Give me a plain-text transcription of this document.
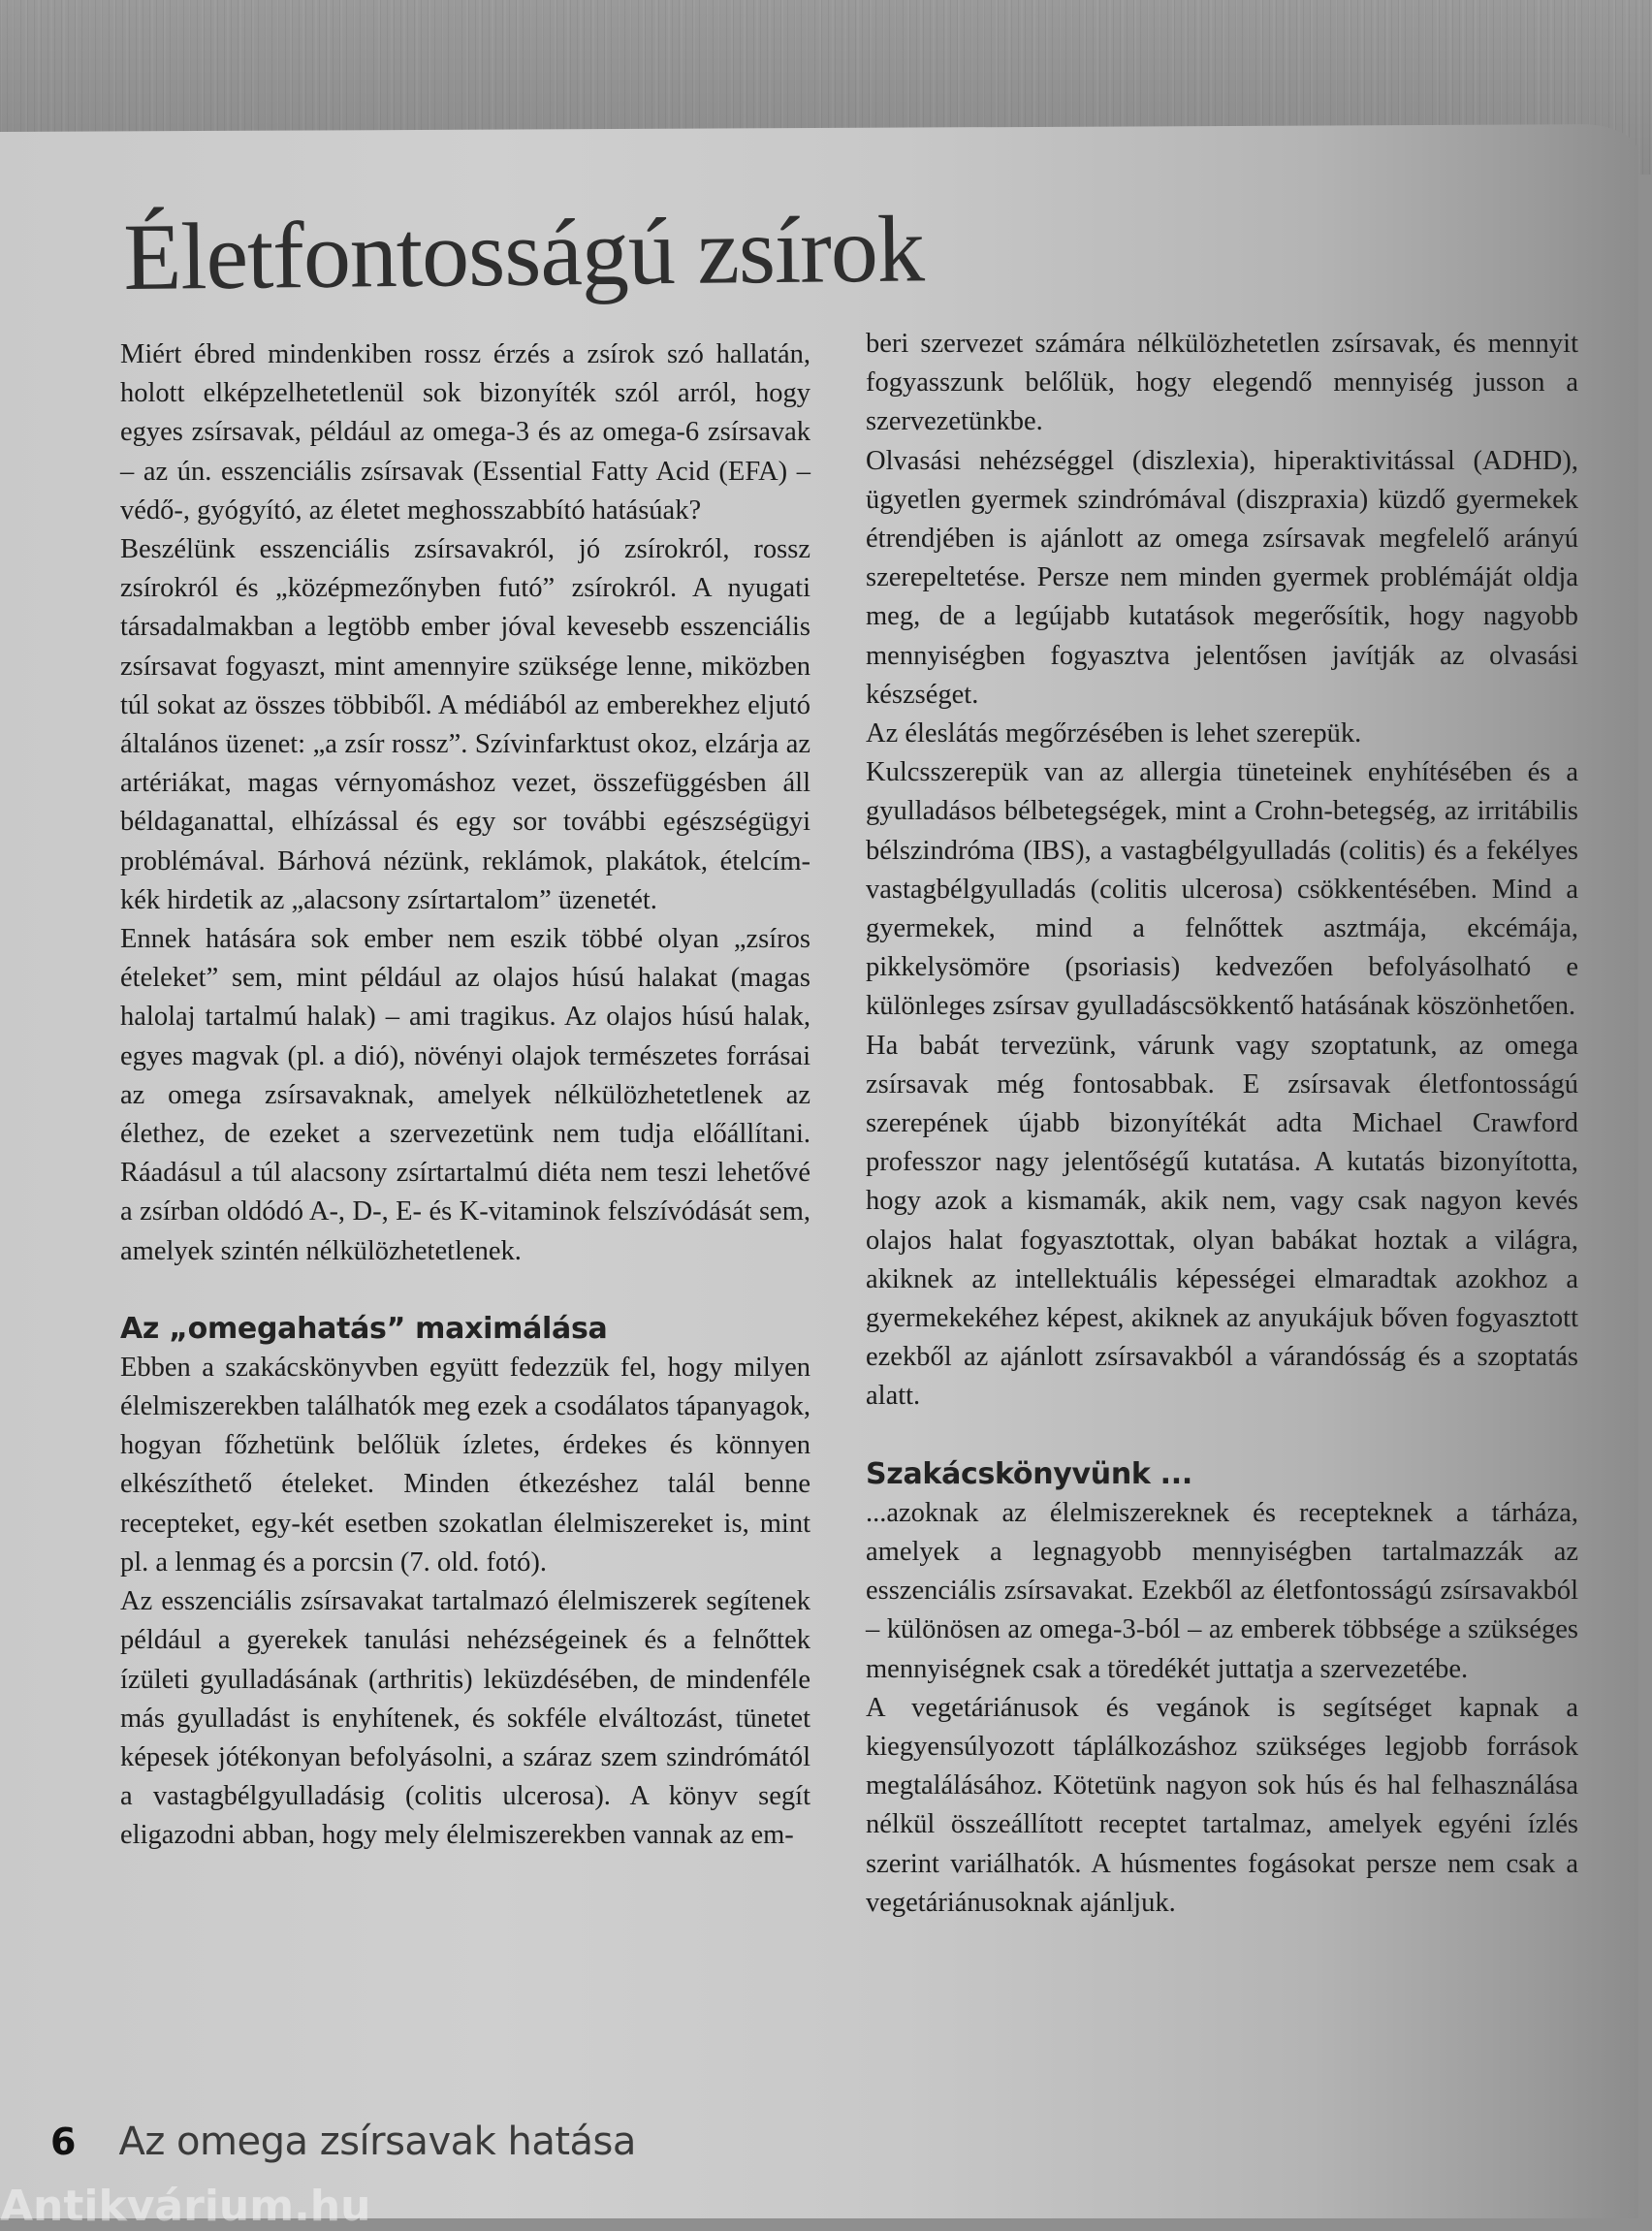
Életfontosságú zsírok

Miért ébred mindenkiben rossz érzés a zsírok szó hallatán, holott elképzelhetetlenül sok bizonyíték szól arról, hogy egyes zsírsavak, például az omega-3 és az omega-6 zsírsavak – az ún. esszenciális zsírsavak (Essential Fatty Acid (EFA) – védő-, gyógyító, az életet meghosszabbító hatásúak?

Beszélünk esszenciális zsírsavakról, jó zsírokról, rossz zsírokról és „középmezőnyben futó” zsírokról. A nyugati társadalmakban a legtöbb ember jóval kevesebb esszenciális zsírsavat fogyaszt, mint amennyire szüksége lenne, miközben túl sokat az összes többiből. A médiából az emberekhez eljutó általános üzenet: „a zsír rossz”. Szívinfarktust okoz, elzárja az artériákat, magas vérnyomáshoz vezet, összefüggésben áll béldaganattal, elhízással és egy sor további egészségügyi problémával. Bárhová nézünk, reklámok, plakátok, ételcím- kék hirdetik az „alacsony zsírtartalom” üzenetét.

Ennek hatására sok ember nem eszik többé olyan „zsíros ételeket” sem, mint például az olajos húsú halakat (magas halolaj tartalmú halak) – ami tragikus. Az olajos húsú halak, egyes magvak (pl. a dió), növényi olajok természetes forrásai az omega zsírsavaknak, amelyek nélkülözhetetlenek az élethez, de ezeket a szervezetünk nem tudja előállítani. Ráadásul a túl alacsony zsírtartalmú diéta nem teszi lehetővé a zsírban oldódó A-, D-, E- és K-vitaminok felszívódását sem, amelyek szintén nélkülözhetetlenek.

Az „omegahatás” maximálása

Ebben a szakácskönyvben együtt fedezzük fel, hogy milyen élelmiszerekben találhatók meg ezek a csodálatos tápanyagok, hogyan főzhetünk belőlük ízletes, érdekes és könnyen elkészíthető ételeket. Minden étkezéshez talál benne recepteket, egy-két esetben szokatlan élelmiszereket is, mint pl. a lenmag és a porcsin (7. old. fotó).

Az esszenciális zsírsavakat tartalmazó élelmiszerek segítenek például a gyerekek tanulási nehézségeinek és a felnőttek ízületi gyulladásának (arthritis) leküzdésében, de mindenféle más gyulladást is enyhítenek, és sokféle elváltozást, tünetet képesek jótékonyan befolyásolni, a száraz szem szindrómától a vastagbélgyulladásig (colitis ulcerosa). A könyv segít eligazodni abban, hogy mely élelmiszerekben vannak az em-

beri szervezet számára nélkülözhetetlen zsírsavak, és mennyit fogyasszunk belőlük, hogy elegendő mennyiség jusson a szervezetünkbe.

Olvasási nehézséggel (diszlexia), hiperaktivitással (ADHD), ügyetlen gyermek szindrómával (diszpraxia) küzdő gyermekek étrendjében is ajánlott az omega zsírsavak megfelelő arányú szerepeltetése. Persze nem minden gyermek problémáját oldja meg, de a legújabb kutatások megerősítik, hogy nagyobb mennyiségben fogyasztva jelentősen javítják az olvasási készséget.

Az éleslátás megőrzésében is lehet szerepük.

Kulcsszerepük van az allergia tüneteinek enyhítésében és a gyulladásos bélbetegségek, mint a Crohn-betegség, az irritábilis bélszindróma (IBS), a vastagbélgyulladás (colitis) és a fekélyes vastagbélgyulladás (colitis ulcerosa) csökkentésében. Mind a gyermekek, mind a felnőttek asztmája, ekcémája, pikkelysömöre (psoriasis) kedvezően befolyásolható e különleges zsírsav gyulladáscsökkentő hatásának köszönhetően.

Ha babát tervezünk, várunk vagy szoptatunk, az omega zsírsavak még fontosabbak. E zsírsavak életfontosságú szerepének újabb bizonyítékát adta Michael Crawford professzor nagy jelentőségű kutatása. A kutatás bizonyította, hogy azok a kismamák, akik nem, vagy csak nagyon kevés olajos halat fogyasztottak, olyan babákat hoztak a világra, akiknek az intellektuális képességei elmaradtak azokhoz a gyermekekéhez képest, akiknek az anyukájuk bőven fogyasztott ezekből az ajánlott zsírsavakból a várandósság és a szoptatás alatt.

Szakácskönyvünk ...

...azoknak az élelmiszereknek és recepteknek a tárháza, amelyek a legnagyobb mennyiségben tartalmazzák az esszenciális zsírsavakat. Ezekből az életfontosságú zsírsavakból – különösen az omega-3-ból – az emberek többsége a szükséges mennyiségnek csak a töredékét juttatja a szervezetébe.

A vegetáriánusok és vegánok is segítséget kapnak a kiegyensúlyozott táplálkozáshoz szükséges legjobb források megtalálásához. Kötetünk nagyon sok hús és hal felhasználása nélkül összeállított receptet tartalmaz, amelyek egyéni ízlés szerint variálhatók. A húsmentes fogásokat persze nem csak a vegetáriánusoknak ajánljuk.

6 Az omega zsírsavak hatása
Antikvárium.hu
